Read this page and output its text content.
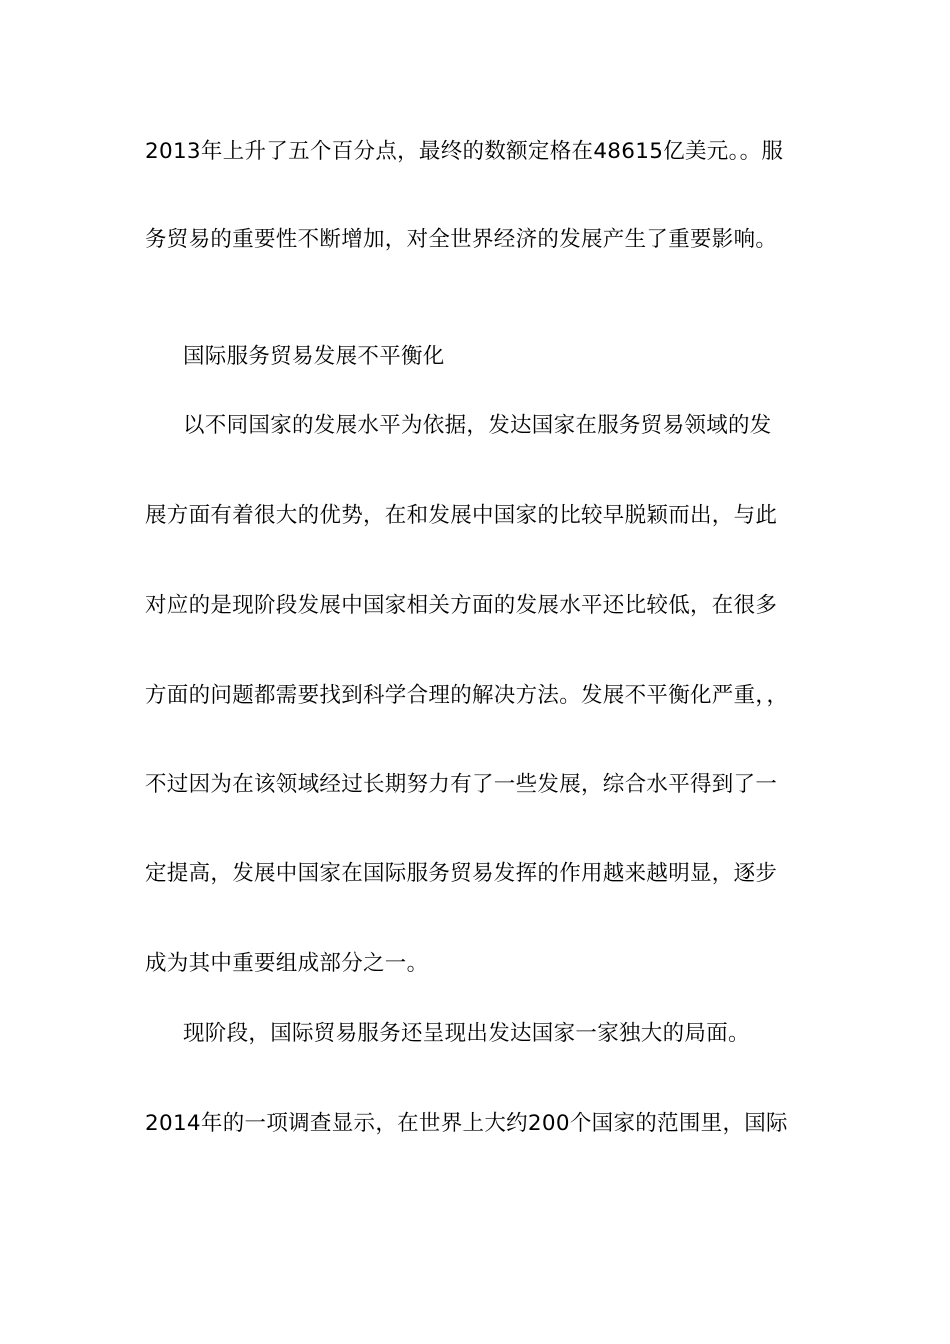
2013年上升了五个百分点，最终的数额定格在48615亿美元。。服
务贸易的重要性不断增加，对全世界经济的发展产生了重要影响。
国际服务贸易发展不平衡化
以不同国家的发展水平为依据，发达国家在服务贸易领域的发
展方面有着很大的优势，在和发展中国家的比较早脱颖而出，与此
对应的是现阶段发展中国家相关方面的发展水平还比较低，在很多
方面的问题都需要找到科学合理的解决方法。发展不平衡化严重，，
不过因为在该领域经过长期努力有了一些发展，综合水平得到了一
定提高，发展中国家在国际服务贸易发挥的作用越来越明显，逐步
成为其中重要组成部分之一。
现阶段，国际贸易服务还呈现出发达国家一家独大的局面。
2014年的一项调查显示，在世界上大约200个国家的范围里，国际
